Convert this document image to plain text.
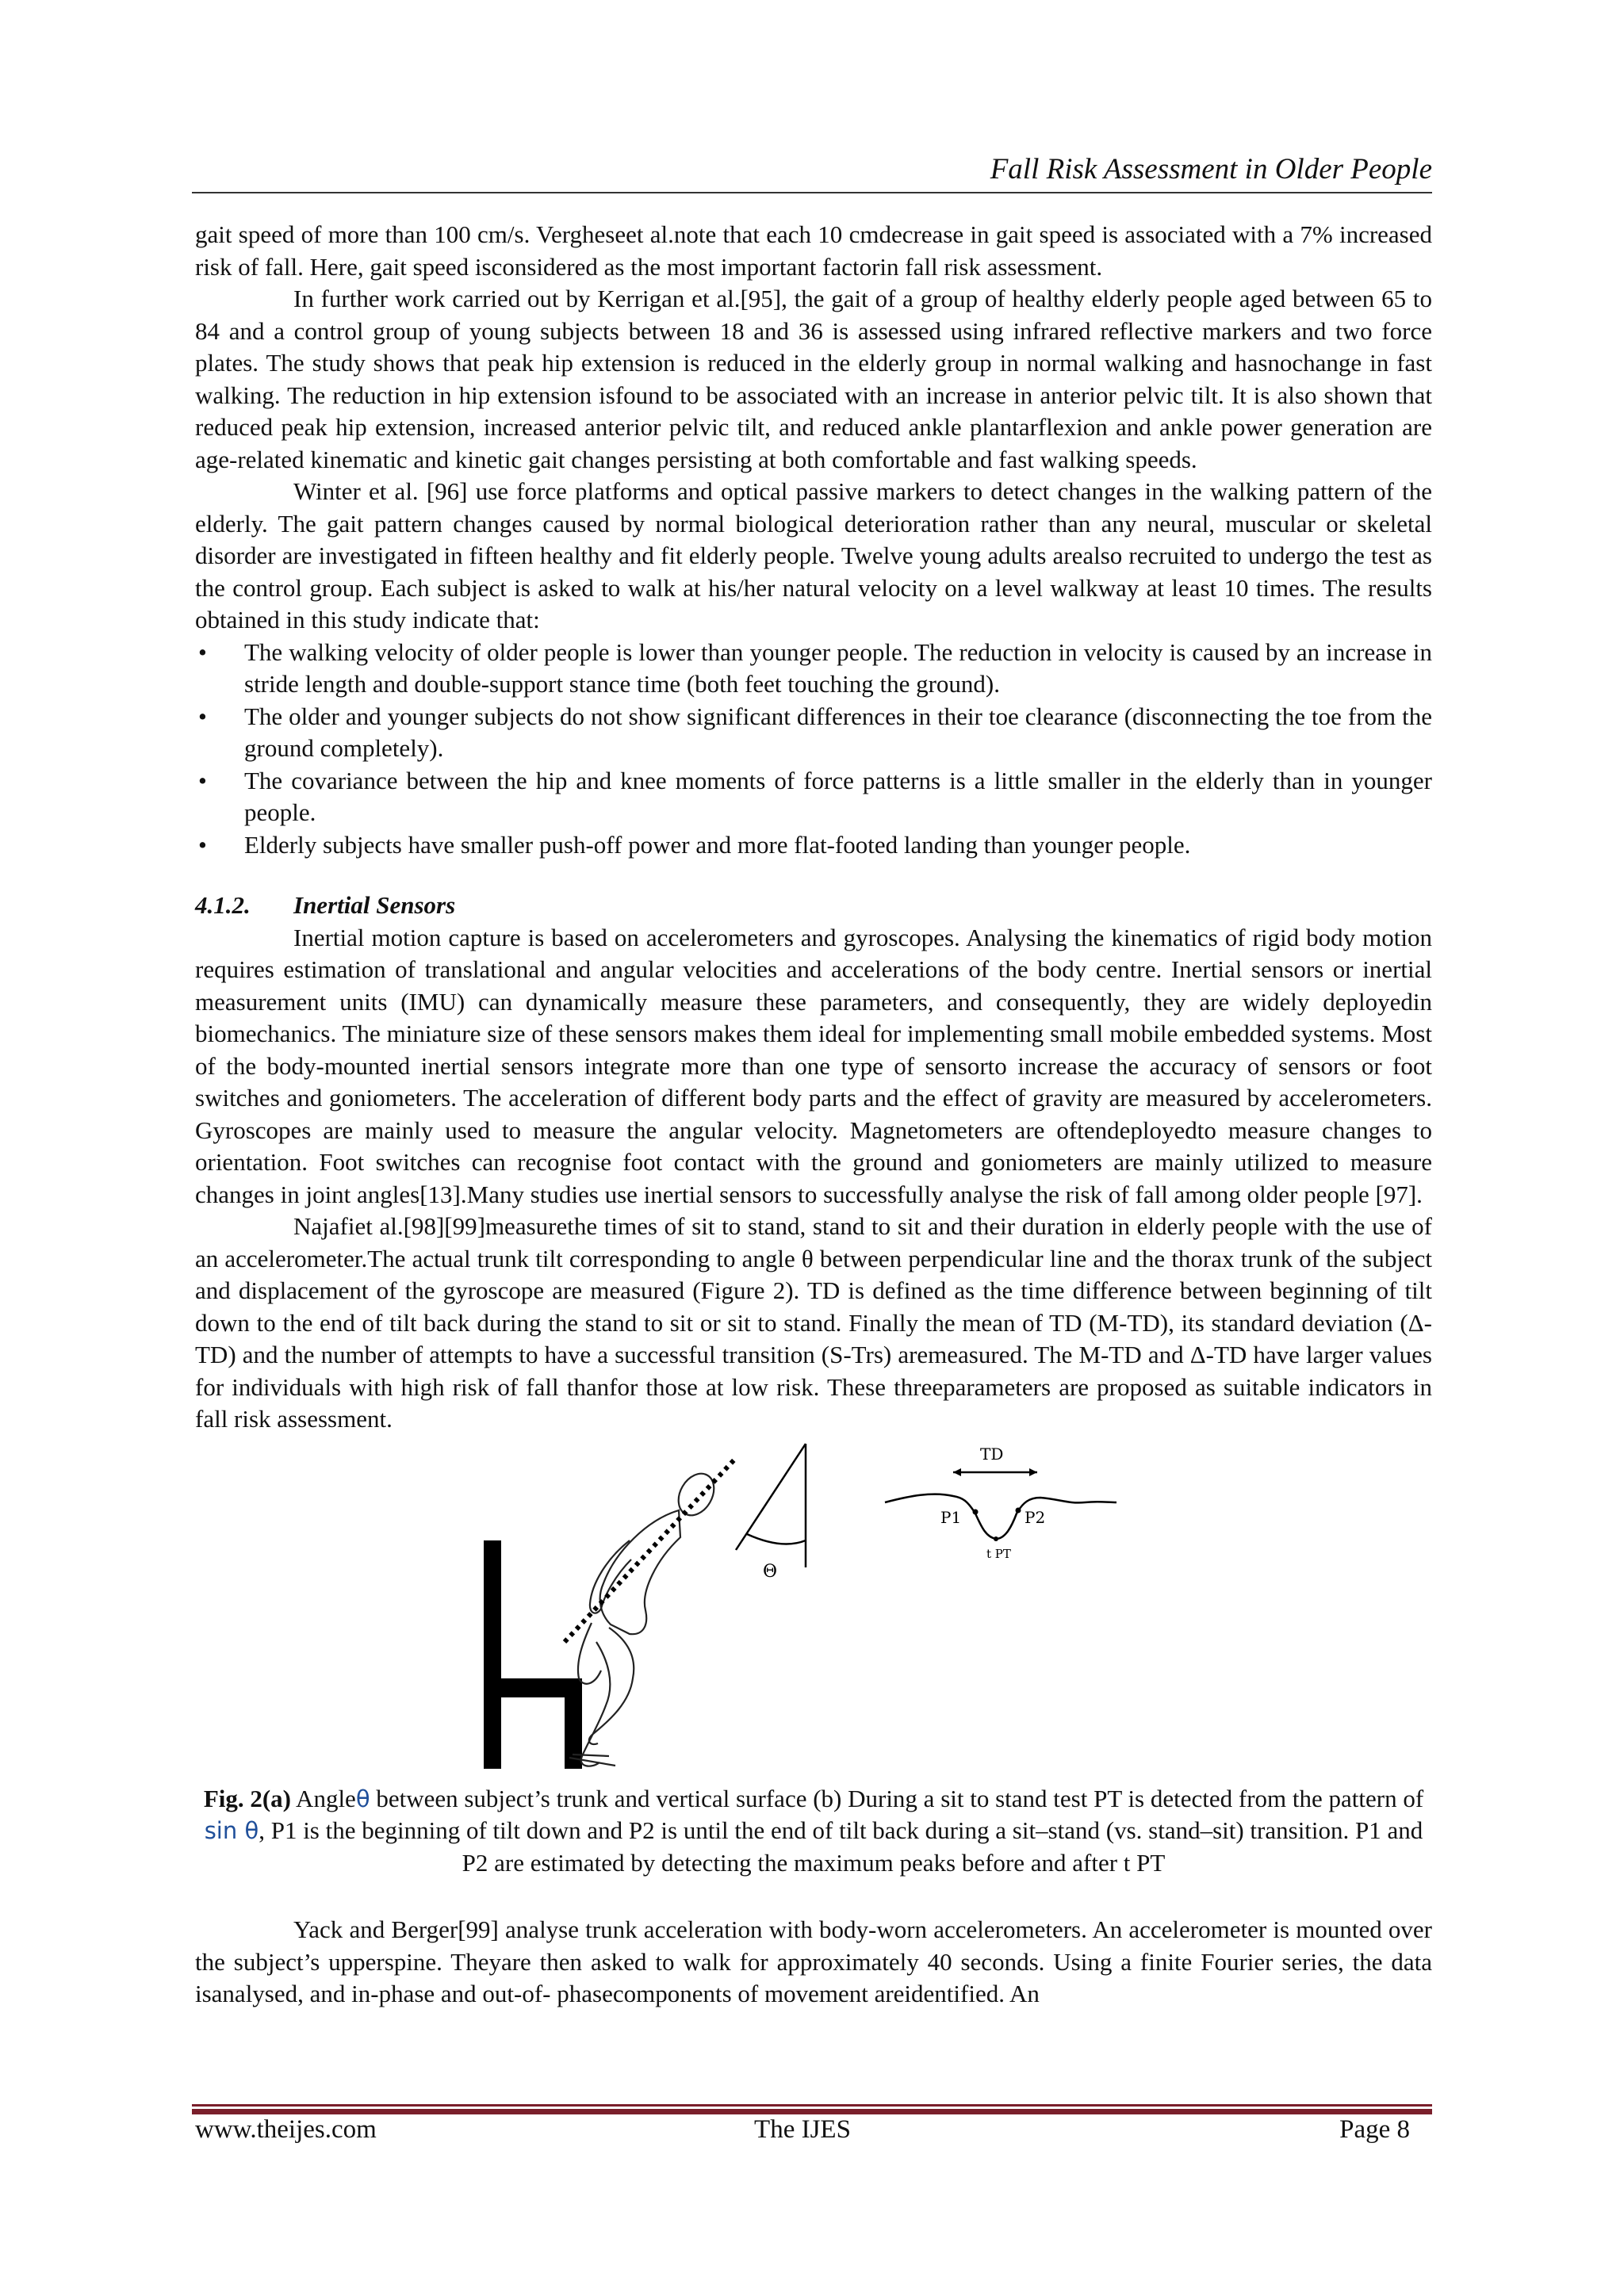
Fall Risk Assessment in Older People

gait speed of more than 100 cm/s. Vergheseet al.note that each 10 cmdecrease in gait speed is associated with a 7% increased risk of fall. Here, gait speed isconsidered as the most important factorin fall risk assessment.

In further work carried out by Kerrigan et al.[95], the gait of a group of healthy elderly people aged between 65 to 84 and a control group of young subjects between 18 and 36 is assessed using infrared reflective markers and two force plates. The study shows that peak hip extension is reduced in the elderly group in normal walking and hasnochange in fast walking. The reduction in hip extension isfound to be associated with an increase in anterior pelvic tilt. It is also shown that reduced peak hip extension, increased anterior pelvic tilt, and reduced ankle plantarflexion and ankle power generation are age-related kinematic and kinetic gait changes persisting at both comfortable and fast walking speeds.

Winter et al. [96] use force platforms and optical passive markers to detect changes in the walking pattern of the elderly. The gait pattern changes caused by normal biological deterioration rather than any neural, muscular or skeletal disorder are investigated in fifteen healthy and fit elderly people. Twelve young adults arealso recruited to undergo the test as the control group. Each subject is asked to walk at his/her natural velocity on a level walkway at least 10 times. The results obtained in this study indicate that:

• The walking velocity of older people is lower than younger people. The reduction in velocity is caused by an increase in stride length and double-support stance time (both feet touching the ground).
• The older and younger subjects do not show significant differences in their toe clearance (disconnecting the toe from the ground completely).
• The covariance between the hip and knee moments of force patterns is a little smaller in the elderly than in younger people.
• Elderly subjects have smaller push-off power and more flat-footed landing than younger people.

4.1.2. Inertial Sensors

Inertial motion capture is based on accelerometers and gyroscopes. Analysing the kinematics of rigid body motion requires estimation of translational and angular velocities and accelerations of the body centre. Inertial sensors or inertial measurement units (IMU) can dynamically measure these parameters, and consequently, they are widely deployedin biomechanics. The miniature size of these sensors makes them ideal for implementing small mobile embedded systems. Most of the body-mounted inertial sensors integrate more than one type of sensorto increase the accuracy of sensors or foot switches and goniometers. The acceleration of different body parts and the effect of gravity are measured by accelerometers. Gyroscopes are mainly used to measure the angular velocity. Magnetometers are oftendeployedto measure changes to orientation. Foot switches can recognise foot contact with the ground and goniometers are mainly utilized to measure changes in joint angles[13].Many studies use inertial sensors to successfully analyse the risk of fall among older people [97].

Najafiet al.[98][99]measurethe times of sit to stand, stand to sit and their duration in elderly people with the use of an accelerometer.The actual trunk tilt corresponding to angle θ between perpendicular line and the thorax trunk of the subject and displacement of the gyroscope are measured (Figure 2). TD is defined as the time difference between beginning of tilt down to the end of tilt back during the stand to sit or sit to stand. Finally the mean of TD (M-TD), its standard deviation (Δ-TD) and the number of attempts to have a successful transition (S-Trs) aremeasured. The M-TD and Δ-TD have larger values for individuals with high risk of fall thanfor those at low risk. These threeparameters are proposed as suitable indicators in fall risk assessment.

Θ
TD
P1	P2
t PT

Fig. 2(a) Angleθ between subject’s trunk and vertical surface (b) During a sit to stand test PT is detected from the pattern of sin θ, P1 is the beginning of tilt down and P2 is until the end of tilt back during a sit–stand (vs. stand–sit) transition. P1 and P2 are estimated by detecting the maximum peaks before and after t PT

Yack and Berger[99] analyse trunk acceleration with body-worn accelerometers. An accelerometer is mounted over the subject’s upperspine. Theyare then asked to walk for approximately 40 seconds. Using a finite Fourier series, the data isanalysed, and in-phase and out-of- phasecomponents of movement areidentified. An

www.theijes.com	The IJES	Page 8
